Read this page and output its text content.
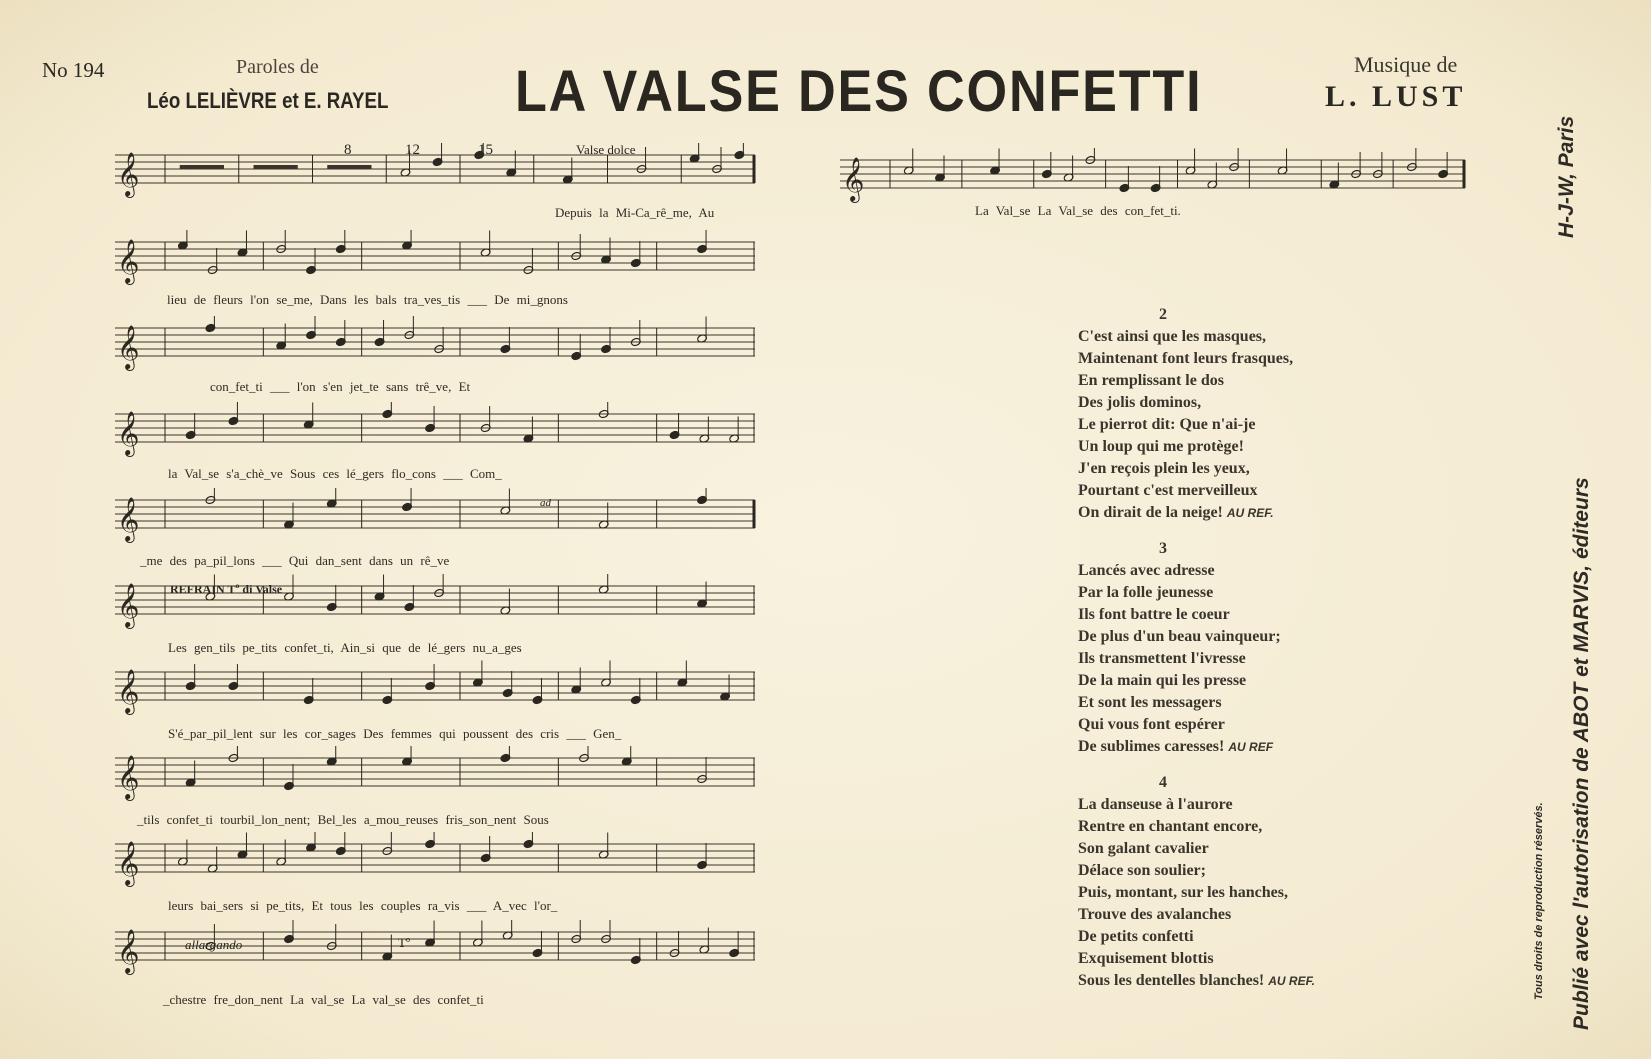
No 194	Paroles de
Léo LELIÈVRE et E. RAYEL LA VALSE DES CONFETTI	Musique de
L. LUST
𝄞
𝄞
𝄞
𝄞
𝄞
𝄞
𝄞
𝄞
𝄞
𝄞
𝄞
8	12	15	Valse dolce
REFRAIN Tº di Valse
allargando	Tº
ad
Depuis la Mi-Ca_rê_me, Au
lieu de fleurs l'on se_me, Dans les bals tra_ves_tis ___ De mi_gnons
con_fet_ti ___ l'on s'en jet_te sans trê_ve, Et
la Val_se s'a_chè_ve Sous ces lé_gers flo_cons ___ Com_
_me des pa_pil_lons ___ Qui dan_sent dans un rê_ve
Les gen_tils pe_tits confet_ti, Ain_si que de lé_gers nu_a_ges
S'é_par_pil_lent sur les cor_sages Des femmes qui poussent des cris ___ Gen_
_tils confet_ti tourbil_lon_nent; Bel_les a_mou_reuses fris_son_nent Sous
leurs bai_sers si pe_tits, Et tous les couples ra_vis ___ A_vec l'or_
_chestre fre_don_nent La val_se La val_se des confet_ti
La Val_se La Val_se des con_fet_ti.
2
C'est ainsi que les masques,
Maintenant font leurs frasques,
En remplissant le dos
Des jolis dominos,
Le pierrot dit: Que n'ai-je
Un loup qui me protège!
J'en reçois plein les yeux,
Pourtant c'est merveilleux
On dirait de la neige! AU REF.
3
Lancés avec adresse
Par la folle jeunesse
Ils font battre le coeur
De plus d'un beau vainqueur;
Ils transmettent l'ivresse
De la main qui les presse
Et sont les messagers
Qui vous font espérer
De sublimes caresses! AU REF
4
La danseuse à l'aurore
Rentre en chantant encore,
Son galant cavalier
Délace son soulier;
Puis, montant, sur les hanches,
Trouve des avalanches
De petits confetti
Exquisement blottis
Sous les dentelles blanches! AU REF.
H-J-W, Paris
Publié avec l'autorisation de ABOT et MARVIS, éditeurs
Tous droits de reproduction réservés.
